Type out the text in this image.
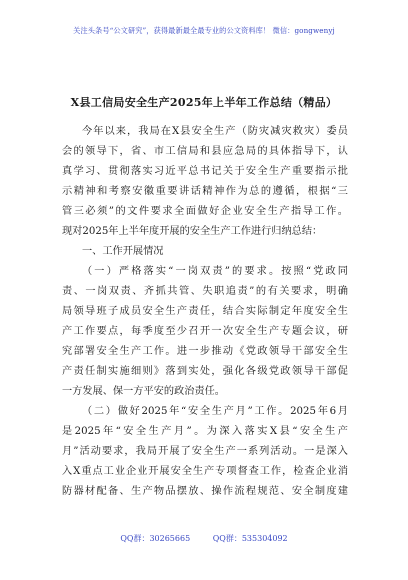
关注头条号“公文研究”，获得最新最全最专业的公文资料库！ 微信：gongwenyj
X县工信局安全生产2025年上半年工作总结（精品）
今年以来，我局在X县安全生产（防灾减灾救灾）委员
会的领导下，省、市工信局和县应急局的具体指导下，认
真学习、贯彻落实习近平总书记关于安全生产重要指示批
示精神和考察安徽重要讲话精神作为总的遵循，根据“三
管三必须”的文件要求全面做好企业安全生产指导工作。
现对2025年上半年度开展的安全生产工作进行归纳总结：
一、工作开展情况
（一）严格落实“一岗双责”的要求。按照“党政同
责、一岗双责、齐抓共管、失职追责”的有关要求，明确
局领导班子成员安全生产责任，结合实际制定年度安全生
产工作要点，每季度至少召开一次安全生产专题会议，研
究部署安全生产工作。进一步推动《党政领导干部安全生
产责任制实施细则》落到实处，强化各级党政领导干部促
一方发展、保一方平安的政治责任。
（二）做好2025年“安全生产月”工作。2025年6月
是2025年“安全生产月”。为深入落实X县“安全生产
月”活动要求，我局开展了安全生产一系列活动。一是深入
入X重点工业企业开展安全生产专项督查工作，检查企业消
防器材配备、生产物品摆放、操作流程规范、安全制度建
QQ群：30265665	QQ群：535304092
